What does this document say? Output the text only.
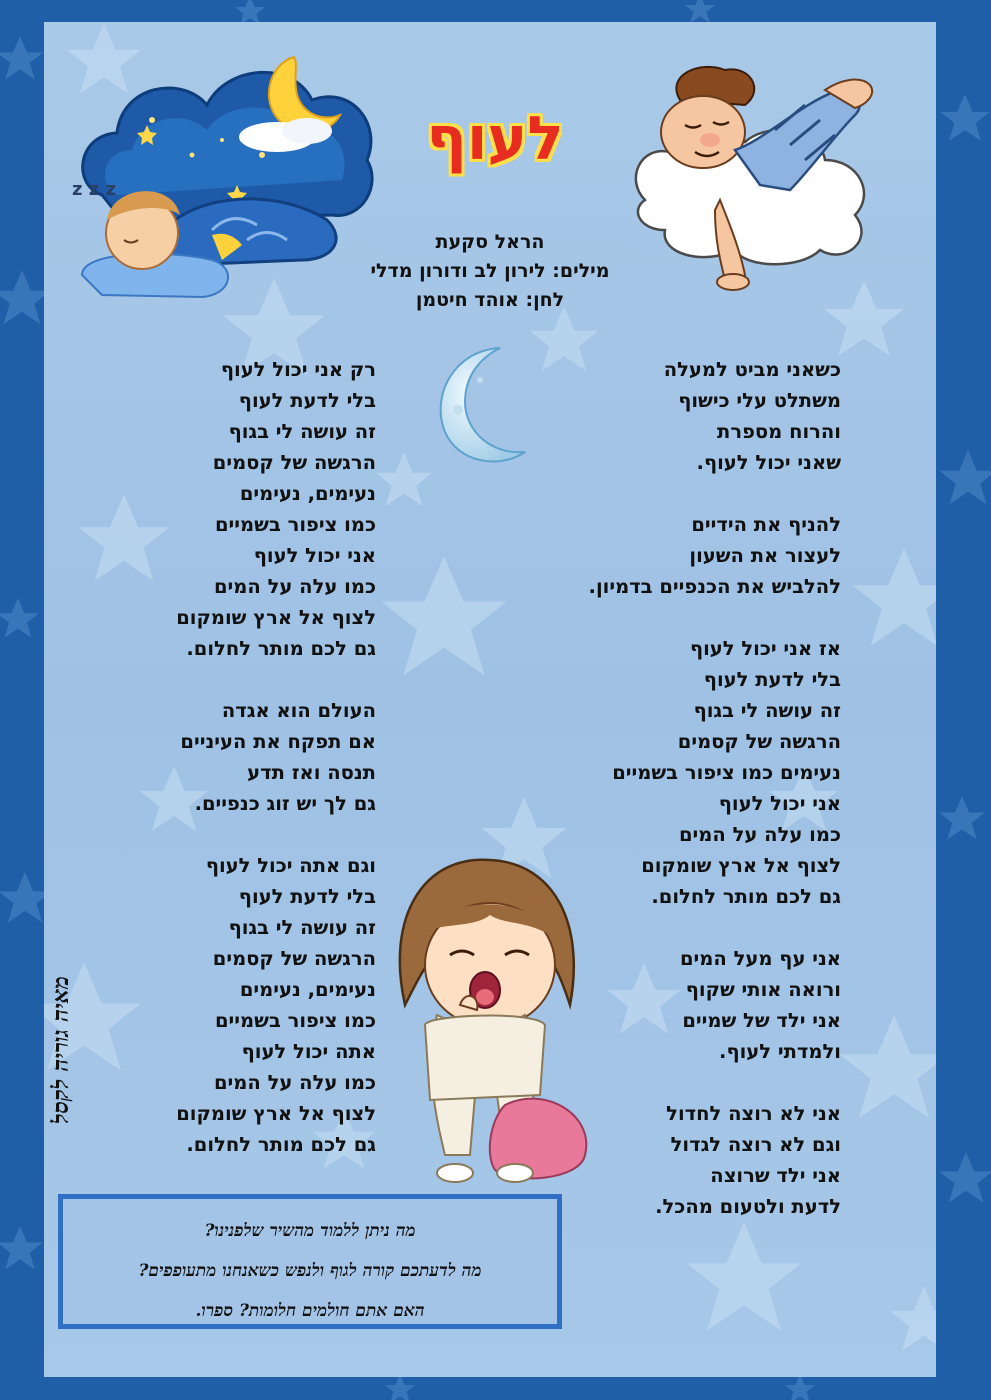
z z z
לעוף
הראל סקעת
מילים: לירון לב ודורון מדלי
לחן: אוהד חיטמן
כשאני מביט למעלה
משתלט עלי כישוף
והרוח מספרת
שאני יכול לעוף.
להניף את הידיים
לעצור את השעון
להלביש את הכנפיים בדמיון.
אז אני יכול לעוף
בלי לדעת לעוף
זה עושה לי בגוף
הרגשה של קסמים
נעימים כמו ציפור בשמיים
אני יכול לעוף
כמו עלה על המים
לצוף אל ארץ שומקום
גם לכם מותר לחלום.
אני עף מעל המים
ורואה אותי שקוף
אני ילד של שמיים
ולמדתי לעוף.
אני לא רוצה לחדול
וגם לא רוצה לגדול
אני ילד שרוצה
לדעת ולטעום מהכל.
רק אני יכול לעוף
בלי לדעת לעוף
זה עושה לי בגוף
הרגשה של קסמים
נעימים, נעימים
כמו ציפור בשמיים
אני יכול לעוף
כמו עלה על המים
לצוף אל ארץ שומקום
גם לכם מותר לחלום.
העולם הוא אגדה
אם תפקח את העיניים
תנסה ואז תדע
גם לך יש זוג כנפיים.
וגם אתה יכול לעוף
בלי לדעת לעוף
זה עושה לי בגוף
הרגשה של קסמים
נעימים, נעימים
כמו ציפור בשמיים
אתה יכול לעוף
כמו עלה על המים
לצוף אל ארץ שומקום
גם לכם מותר לחלום.
מאיה גוריה לקסל
מה ניתן ללמוד מהשיר שלפנינו?
מה לדעתכם קורה לגוף ולנפש כשאנחנו מתעופפים?
האם אתם חולמים חלומות? ספרו.
